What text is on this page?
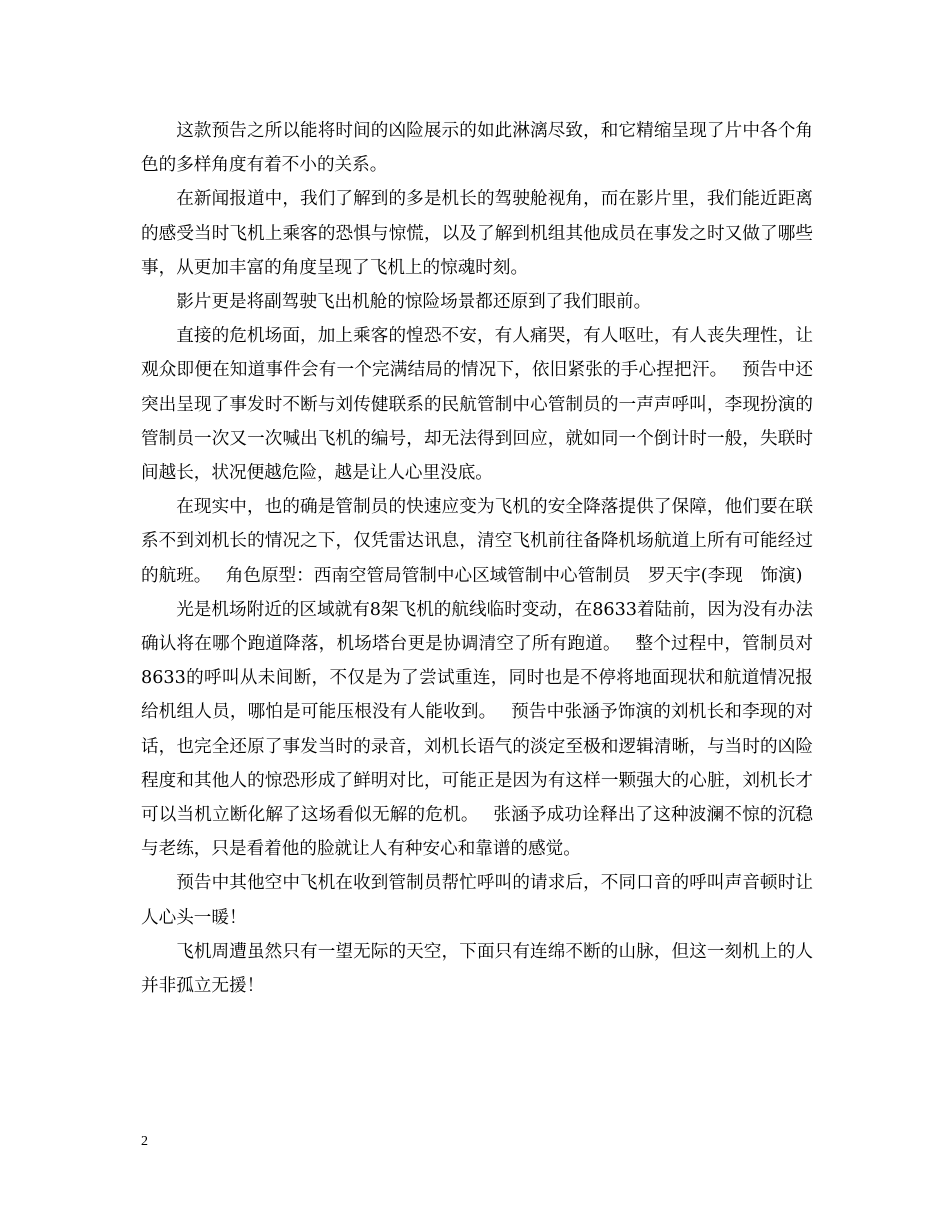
这款预告之所以能将时间的凶险展示的如此淋漓尽致，和它精缩呈现了片中各个角色的多样角度有着不小的关系。

在新闻报道中，我们了解到的多是机长的驾驶舱视角，而在影片里，我们能近距离的感受当时飞机上乘客的恐惧与惊慌，以及了解到机组其他成员在事发之时又做了哪些事，从更加丰富的角度呈现了飞机上的惊魂时刻。

影片更是将副驾驶飞出机舱的惊险场景都还原到了我们眼前。

直接的危机场面，加上乘客的惶恐不安，有人痛哭，有人呕吐，有人丧失理性，让观众即便在知道事件会有一个完满结局的情况下，依旧紧张的手心捏把汗。　 预告中还突出呈现了事发时不断与刘传健联系的民航管制中心管制员的一声声呼叫，李现扮演的管制员一次又一次喊出飞机的编号，却无法得到回应，就如同一个倒计时一般，失联时间越长，状况便越危险，越是让人心里没底。

在现实中，也的确是管制员的快速应变为飞机的安全降落提供了保障，他们要在联系不到刘机长的情况之下，仅凭雷达讯息，清空飞机前往备降机场航道上所有可能经过的航班。　 角色原型：西南空管局管制中心区域管制中心管制员　罗天宇(李现　饰演)

光是机场附近的区域就有8架飞机的航线临时变动，在8633着陆前，因为没有办法确认将在哪个跑道降落，机场塔台更是协调清空了所有跑道。　 整个过程中，管制员对8633的呼叫从未间断，不仅是为了尝试重连，同时也是不停将地面现状和航道情况报给机组人员，哪怕是可能压根没有人能收到。　 预告中张涵予饰演的刘机长和李现的对话，也完全还原了事发当时的录音，刘机长语气的淡定至极和逻辑清晰，与当时的凶险程度和其他人的惊恐形成了鲜明对比，可能正是因为有这样一颗强大的心脏，刘机长才可以当机立断化解了这场看似无解的危机。　 张涵予成功诠释出了这种波澜不惊的沉稳与老练，只是看着他的脸就让人有种安心和靠谱的感觉。

预告中其他空中飞机在收到管制员帮忙呼叫的请求后，不同口音的呼叫声音顿时让人心头一暖！

飞机周遭虽然只有一望无际的天空，下面只有连绵不断的山脉，但这一刻机上的人并非孤立无援！

2
